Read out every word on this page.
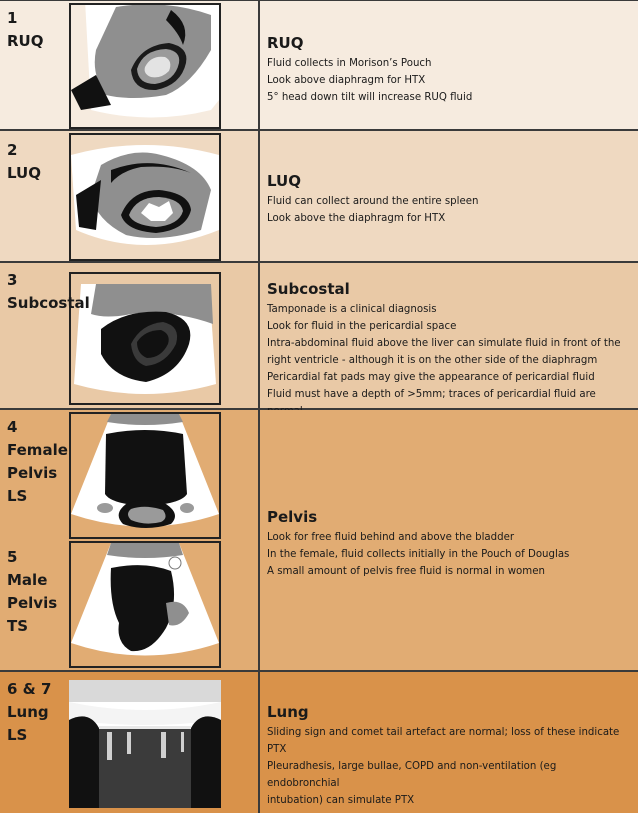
1
RUQ	RUQ
Fluid collects in Morison’s Pouch
Look above diaphragm for HTX
5° head down tilt will increase RUQ fluid
2
LUQ	LUQ
Fluid can collect around the entire spleen
Look above the diaphragm for HTX
3
Subcostal
Subcostal
Tamponade is a clinical diagnosis
Look for fluid in the pericardial space
Intra-abdominal fluid above the liver can simulate fluid in front of the
right ventricle - although it is on the other side of the diaphragm
Pericardial fat pads may give the appearance of pericardial fluid
Fluid must have a depth of >5mm; traces of pericardial fluid are
4
Female
Pelvis
LS
5
Male
Pelvis
TS
Pelvis
Look for free fluid behind and above the bladder
In the female, fluid collects initially in the Pouch of Douglas
A small amount of pelvis free fluid is normal in women
6 & 7
Lung
LS
Lung
Sliding sign and comet tail artefact are normal; loss of these indicate
PTX
Pleuradhesis, large bullae, COPD and non-ventilation (eg endobronchial
intubation) can simulate PTX
